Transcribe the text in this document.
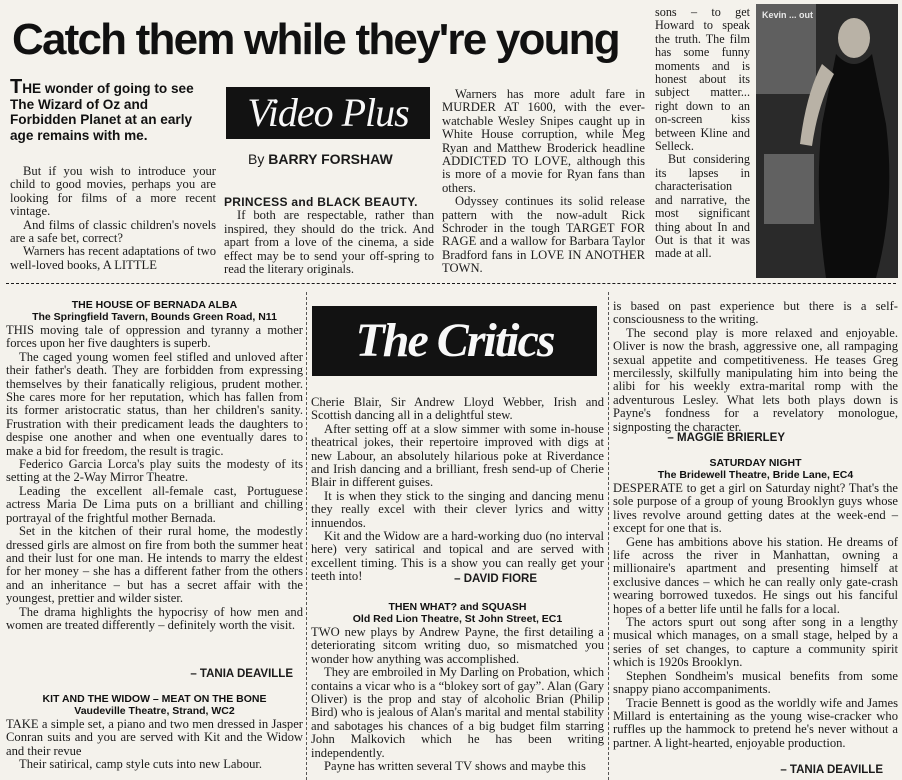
Catch them while they're young
THE wonder of going to see The Wizard of Oz and Forbidden Planet at an early age remains with me.

But if you wish to introduce your child to good movies, perhaps you are looking for films of a more recent vintage.

And films of classic children's novels are a safe bet, correct?

Warners has recent adaptations of two well-loved books, A LITTLE

Video Plus
By BARRY FORSHAW

PRINCESS and BLACK BEAUTY.

If both are respectable, rather than inspired, they should do the trick. And apart from a love of the cinema, a side effect may be to send your off-spring to read the literary originals.

Warners has more adult fare in MURDER AT 1600, with the ever-watchable Wesley Snipes caught up in White House corruption, while Meg Ryan and Matthew Broderick headline ADDICTED TO LOVE, although this is more of a movie for Ryan fans than others.

Odyssey continues its solid release pattern with the now-adult Rick Schroder in the tough TARGET FOR RAGE and a wallow for Barbara Taylor Bradford fans in LOVE IN ANOTHER TOWN.

sons – to get Howard to speak the truth. The film has some funny moments and is honest about its subject matter... right down to an on-screen kiss between Kline and Selleck.

But considering its lapses in characterisation and narrative, the most significant thing about In and Out is that it was made at all.

Kevin ... out
THE HOUSE OF BERNADA ALBA
The Springfield Tavern, Bounds Green Road, N11

THIS moving tale of oppression and tyranny a mother forces upon her five daughters is superb.

The caged young women feel stifled and unloved after their father's death. They are forbidden from expressing themselves by their fanatically religious, prudent mother. She cares more for her reputation, which has fallen from its former aristocratic status, than her children's sanity. Frustration with their predicament leads the daughters to despise one another and when one eventually dares to make a bid for freedom, the result is tragic.

Federico Garcia Lorca's play suits the modesty of its setting at the 2-Way Mirror Theatre.

Leading the excellent all-female cast, Portuguese actress Maria De Lima puts on a brilliant and chilling portrayal of the frightful mother Bernada.

Set in the kitchen of their rural home, the modestly dressed girls are almost on fire from both the summer heat and their lust for one man. He intends to marry the eldest for her money – she has a different father from the others and an inheritance – but has a secret affair with the youngest, prettier and wilder sister.

The drama highlights the hypocrisy of how men and women are treated differently – definitely worth the visit.

– TANIA DEAVILLE
KIT AND THE WIDOW – MEAT ON THE BONE
Vaudeville Theatre, Strand, WC2

TAKE a simple set, a piano and two men dressed in Jasper Conran suits and you are served with Kit and the Widow and their revue

Their satirical, camp style cuts into new Labour.

The Critics

Cherie Blair, Sir Andrew Lloyd Webber, Irish and Scottish dancing all in a delightful stew.

After setting off at a slow simmer with some in-house theatrical jokes, their repertoire improved with digs at new Labour, an absolutely hilarious poke at Riverdance and Irish dancing and a brilliant, fresh send-up of Cherie Blair in different guises.

It is when they stick to the singing and dancing menu they really excel with their clever lyrics and witty innuendos.

Kit and the Widow are a hard-working duo (no interval here) very satirical and topical and are served with excellent timing. This is a show you can really get your teeth into!	– DAVID FIORE
THEN WHAT? and SQUASH
Old Red Lion Theatre, St John Street, EC1

TWO new plays by Andrew Payne, the first detailing a deteriorating sitcom writing duo, so mismatched you wonder how anything was accomplished.

They are embroiled in My Darling on Probation, which contains a vicar who is a “blokey sort of gay”. Alan (Gary Oliver) is the prop and stay of alcoholic Brian (Philip Bird) who is jealous of Alan's marital and mental stability and sabotages his chances of a big budget film starring John Malkovich which he has been writing independently.

Payne has written several TV shows and maybe this

is based on past experience but there is a self-consciousness to the writing.

The second play is more relaxed and enjoyable. Oliver is now the brash, aggressive one, all rampaging sexual appetite and competitiveness. He teases Greg mercilessly, skilfully manipulating him into being the alibi for his weekly extra-marital romp with the adventurous Lesley. What lets both plays down is Payne's fondness for a revelatory monologue, signposting the character.

– MAGGIE BRIERLEY
SATURDAY NIGHT
The Bridewell Theatre, Bride Lane, EC4

DESPERATE to get a girl on Saturday night? That's the sole purpose of a group of young Brooklyn guys whose lives revolve around getting dates at the week-end – except for one that is.

Gene has ambitions above his station. He dreams of life across the river in Manhattan, owning a millionaire's apartment and presenting himself at exclusive dances – which he can really only gate-crash wearing borrowed tuxedos. He sings out his fanciful hopes of a better life until he falls for a local.

The actors spurt out song after song in a lengthy musical which manages, on a small stage, helped by a series of set changes, to capture a community spirit which is 1920s Brooklyn.

Stephen Sondheim's musical benefits from some snappy piano accompaniments.

Tracie Bennett is good as the worldly wife and James Millard is entertaining as the young wise-cracker who ruffles up the hammock to pretend he's never without a partner. A light-hearted, enjoyable production.

– TANIA DEAVILLE
